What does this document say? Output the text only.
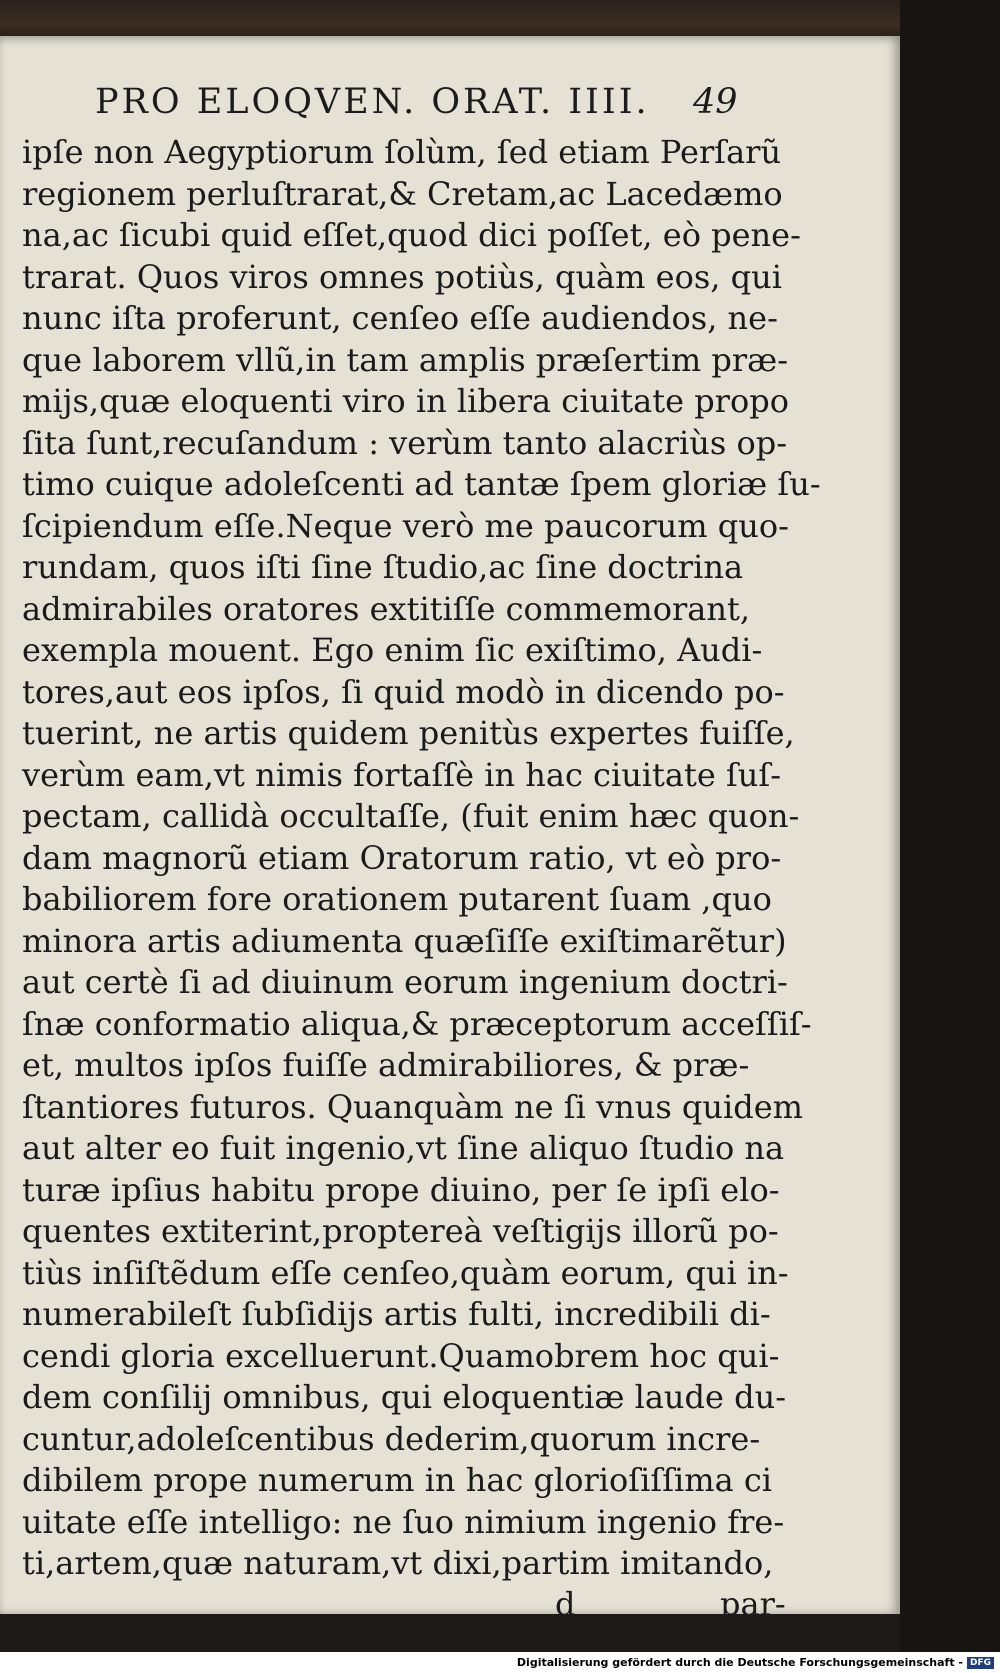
PRO ELOQVEN. ORAT. IIII.	49
ipſe non Aegyptiorum ſolùm, ſed etiam Perſarũ
regionem perluſtrarat,& Cretam,ac Lacedæmo
na,ac ſicubi quid eſſet,quod dici poſſet, eò pene-
trarat. Quos viros omnes potiùs, quàm eos, qui
nunc iſta proferunt, cenſeo eſſe audiendos, ne-
que laborem vllũ,in tam amplis præſertim præ-
mijs,quæ eloquenti viro in libera ciuitate propo
ſita ſunt,recuſandum : verùm tanto alacriùs op-
timo cuique adoleſcenti ad tantæ ſpem gloriæ ſu-
ſcipiendum eſſe.Neque verò me paucorum quo-
rundam, quos iſti ſine ſtudio,ac ſine doctrina
admirabiles oratores extitiſſe commemorant,
exempla mouent. Ego enim ſic exiſtimo, Audi-
tores,aut eos ipſos, ſi quid modò in dicendo po-
tuerint, ne artis quidem penitùs expertes fuiſſe,
verùm eam,vt nimis fortaſſè in hac ciuitate ſuſ-
pectam, callidà occultaſſe, (fuit enim hæc quon-
dam magnorũ etiam Oratorum ratio, vt eò pro-
babiliorem fore orationem putarent ſuam ,quo
minora artis adiumenta quæſiſſe exiſtimarẽtur)
aut certè ſi ad diuinum eorum ingenium doctri-
ſnæ conformatio aliqua,& præceptorum acceſſiſ-
et, multos ipſos fuiſſe admirabiliores, & præ-
ſtantiores futuros. Quanquàm ne ſi vnus quidem
aut alter eo fuit ingenio,vt ſine aliquo ſtudio na
turæ ipſius habitu prope diuino, per ſe ipſi elo-
quentes extiterint,proptereà veſtigijs illorũ po-
tiùs inſiſtẽdum eſſe cenſeo,quàm eorum, qui in-
numerabileſt ſubſidijs artis fulti, incredibili di-
cendi gloria excelluerunt.Quamobrem hoc qui-
dem conſilij omnibus, qui eloquentiæ laude du-
cuntur,adoleſcentibus dederim,quorum incre-
dibilem prope numerum in hac glorioſiſſima ci
uitate eſſe intelligo: ne ſuo nimium ingenio fre-
ti,artem,quæ naturam,vt dixi,partim imitando,
d	par-
Digitalisierung gefördert durch die Deutsche Forschungsgemeinschaft - DFG
